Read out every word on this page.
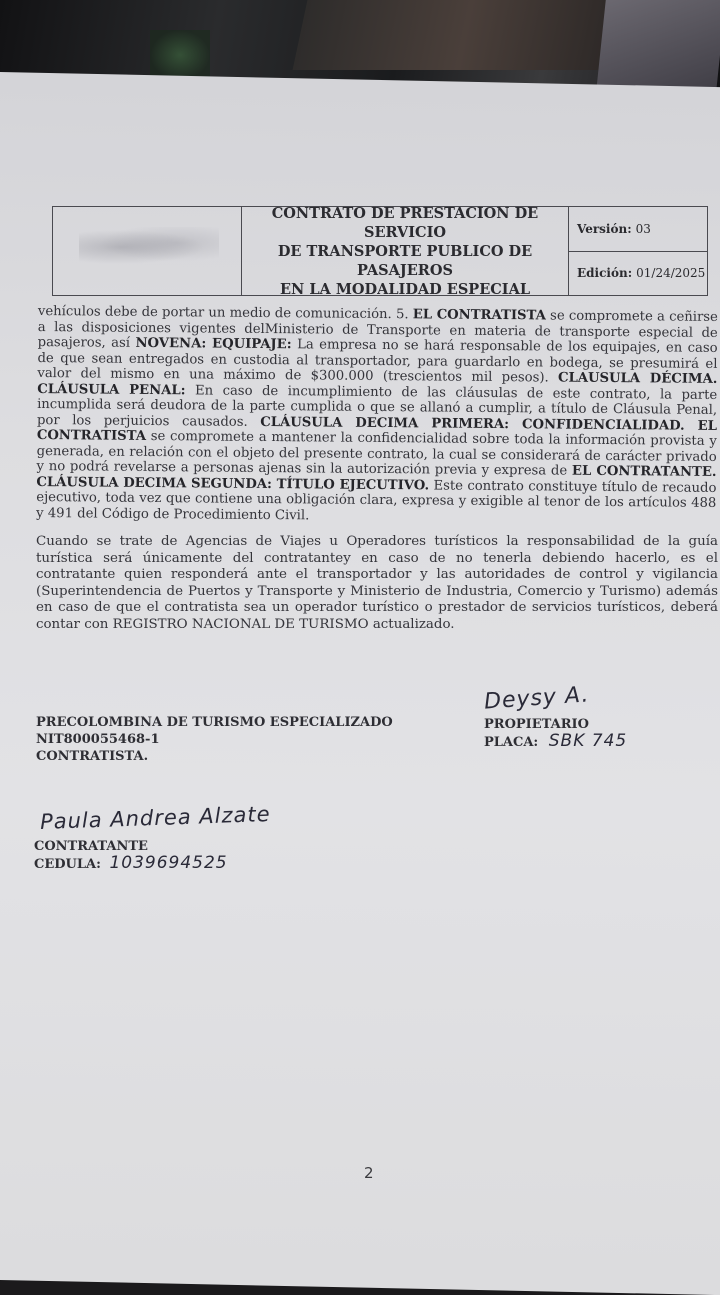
CONTRATO DE PRESTACION DE SERVICIO
DE TRANSPORTE PUBLICO DE PASAJEROS
EN LA MODALIDAD ESPECIAL
Versión: 03
Edición: 01/24/2025
vehículos debe de portar un medio de comunicación. 5. EL CONTRATISTA se compromete a ceñirse a las disposiciones vigentes delMinisterio de Transporte en materia de transporte especial de pasajeros, así NOVENA: EQUIPAJE: La empresa no se hará responsable de los equipajes, en caso de que sean entregados en custodia al transportador, para guardarlo en bodega, se presumirá el valor del mismo en una máximo de $300.000 (trescientos mil pesos). CLAUSULA DÉCIMA. CLÁUSULA PENAL: En caso de incumplimiento de las cláusulas de este contrato, la parte incumplida será deudora de la parte cumplida o que se allanó a cumplir, a título de Cláusula Penal, por los perjuicios causados. CLÁUSULA DECIMA PRIMERA: CONFIDENCIALIDAD. EL CONTRATISTA se compromete a mantener la confidencialidad sobre toda la información provista y generada, en relación con el objeto del presente contrato, la cual se considerará de carácter privado y no podrá revelarse a personas ajenas sin la autorización previa y expresa de EL CONTRATANTE. CLÁUSULA DECIMA SEGUNDA: TÍTULO EJECUTIVO. Este contrato constituye título de recaudo ejecutivo, toda vez que contiene una obligación clara, expresa y exigible al tenor de los artículos 488 y 491 del Código de Procedimiento Civil.
Cuando se trate de Agencias de Viajes u Operadores turísticos la responsabilidad de la guía turística será únicamente del contratantey en caso de no tenerla debiendo hacerlo, es el contratante quien responderá ante el transportador y las autoridades de control y vigilancia (Superintendencia de Puertos y Transporte y Ministerio de Industria, Comercio y Turismo) además en caso de que el contratista sea un operador turístico o prestador de servicios turísticos, deberá contar con REGISTRO NACIONAL DE TURISMO actualizado.
PRECOLOMBINA DE TURISMO ESPECIALIZADO
NIT800055468-1
CONTRATISTA.
Deysy A.
PROPIETARIO
PLACA: SBK 745
Paula Andrea Alzate
CONTRATANTE
CEDULA: 1039694525
2
